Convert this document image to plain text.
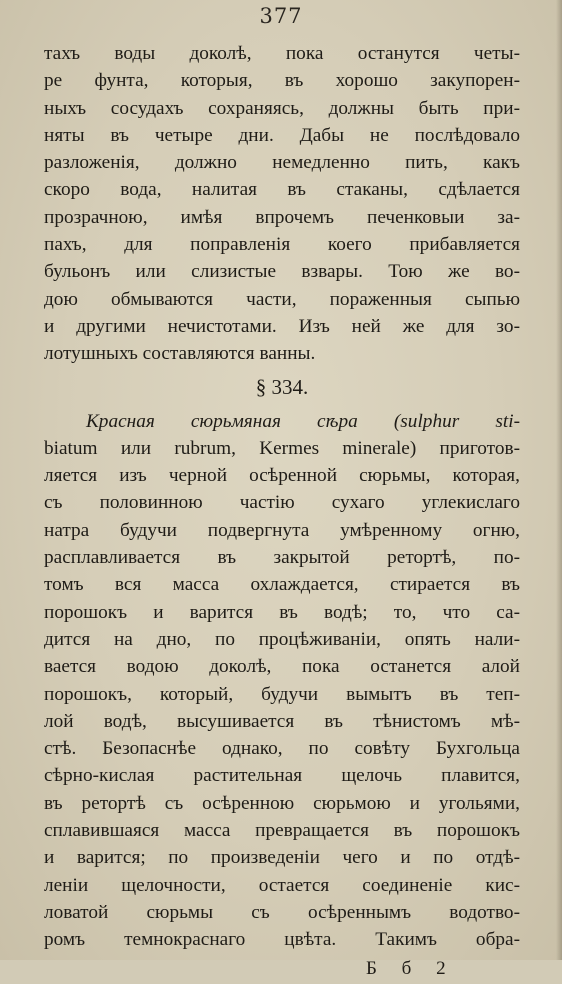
377
тахъ воды доколѣ, пока останутся четы-
ре фунта, которыя, въ хорошо закупорен-
ныхъ сосудахъ сохраняясь, должны быть при-
няты въ четыре дни. Дабы не послѣдовало
разложенія, должно немедленно пить, какъ
скоро вода, налитая въ стаканы, сдѣлается
прозрачною, имѣя впрочемъ печенковыи за-
пахъ, для поправленія коего прибавляется
бульонъ или слизистые взвары. Тою же во-
дою обмываются части, пораженныя сыпью
и другими нечистотами. Изъ ней же для зо-
лотушныхъ составляются ванны.
§ 334.
Красная сюрьмяная сѣра (sulphur sti-
biatum или rubrum, Kermes minerale) приготов-
ляется изъ черной осѣренной сюрьмы, которая,
съ половинною частію сухаго углекислаго
натра будучи подвергнута умѣренному огню,
расплавливается въ закрытой ретортѣ, по-
томъ вся масса охлаждается, стирается въ
порошокъ и варится въ водѣ; то, что са-
дится на дно, по процѣживаніи, опять нали-
вается водою доколѣ, пока останется алой
порошокъ, который, будучи вымытъ въ теп-
лой водѣ, высушивается въ тѣнистомъ мѣ-
стѣ. Безопаснѣе однако, по совѣту Бухгольца
сѣрно-кислая растительная щелочь плавится,
въ ретортѣ съ осѣренною сюрьмою и угольями,
сплавившаяся масса превращается въ порошокъ
и варится; по произведеніи чего и по отдѣ-
леніи щелочности, остается соединеніе кис-
ловатой сюрьмы съ осѣреннымъ водотво-
ромъ темнокраснаго цвѣта. Такимъ обра-
Б б 2
